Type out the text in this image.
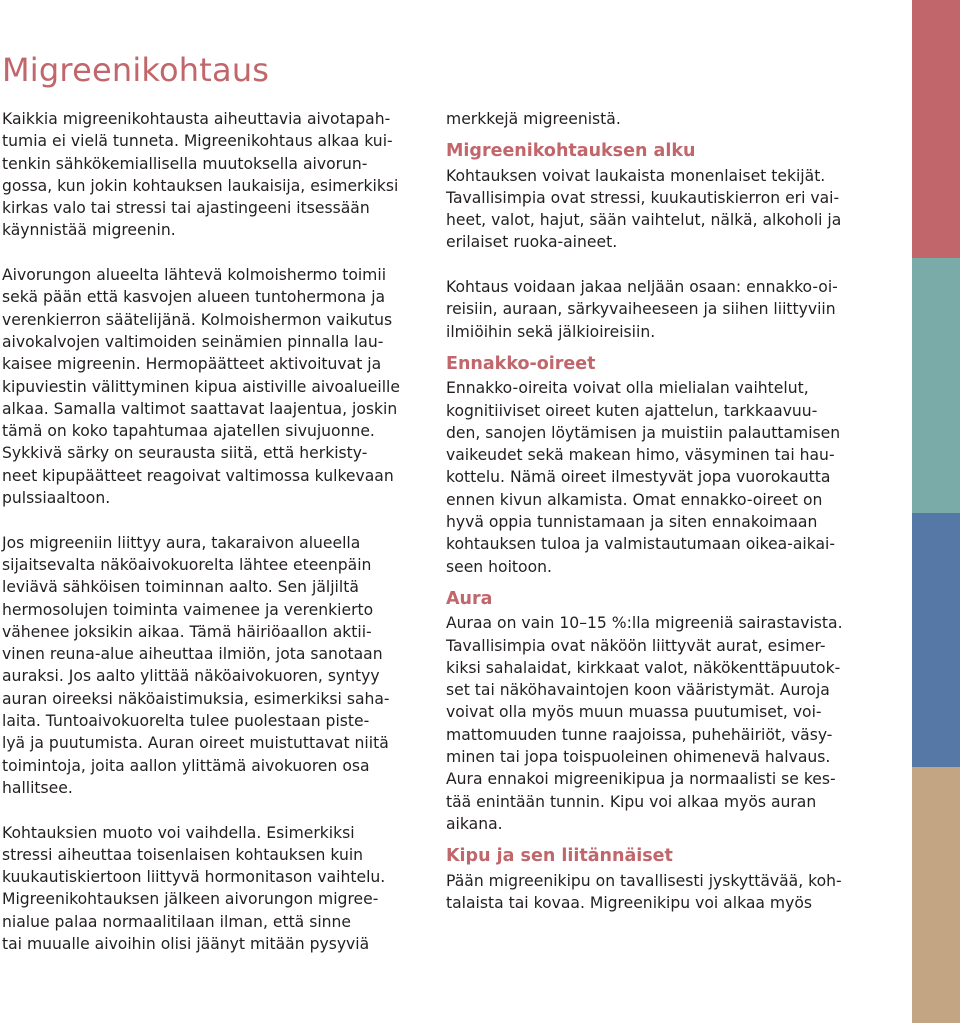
Migreenikohtaus
Kaikkia migreenikohtausta aiheuttavia aivotapah-
tumia ei vielä tunneta. Migreenikohtaus alkaa kui-
tenkin sähkökemiallisella muutoksella aivorun-
gossa, kun jokin kohtauksen laukaisija, esimerkiksi
kirkas valo tai stressi tai ajastingeeni itsessään
käynnistää migreenin.
Aivorungon alueelta lähtevä kolmoishermo toimii
sekä pään että kasvojen alueen tuntohermona ja
verenkierron säätelijänä. Kolmoishermon vaikutus
aivokalvojen valtimoiden seinämien pinnalla lau-
kaisee migreenin. Hermopäätteet aktivoituvat ja
kipuviestin välittyminen kipua aistiville aivoalueille
alkaa. Samalla valtimot saattavat laajentua, joskin
tämä on koko tapahtumaa ajatellen sivujuonne.
Sykkivä särky on seurausta siitä, että herkisty-
neet kipupäätteet reagoivat valtimossa kulkevaan
pulssiaaltoon.
Jos migreeniin liittyy aura, takaraivon alueella
sijaitsevalta näköaivokuorelta lähtee eteenpäin
leviävä sähköisen toiminnan aalto. Sen jäljiltä
hermosolujen toiminta vaimenee ja verenkierto
vähenee joksikin aikaa. Tämä häiriöaallon aktii-
vinen reuna-alue aiheuttaa ilmiön, jota sanotaan
auraksi. Jos aalto ylittää näköaivokuoren, syntyy
auran oireeksi näköaistimuksia, esimerkiksi saha-
laita. Tuntoaivokuorelta tulee puolestaan piste-
lyä ja puutumista. Auran oireet muistuttavat niitä
toimintoja, joita aallon ylittämä aivokuoren osa
hallitsee.
Kohtauksien muoto voi vaihdella. Esimerkiksi
stressi aiheuttaa toisenlaisen kohtauksen kuin
kuukautiskiertoon liittyvä hormonitason vaihtelu.
Migreenikohtauksen jälkeen aivorungon migree-
nialue palaa normaalitilaan ilman, että sinne
tai muualle aivoihin olisi jäänyt mitään pysyviä
merkkejä migreenistä.
Migreenikohtauksen alku
Kohtauksen voivat laukaista monenlaiset tekijät.
Tavallisimpia ovat stressi, kuukautiskierron eri vai-
heet, valot, hajut, sään vaihtelut, nälkä, alkoholi ja
erilaiset ruoka-aineet.
Kohtaus voidaan jakaa neljään osaan: ennakko-oi-
reisiin, auraan, särkyvaiheeseen ja siihen liittyviin
ilmiöihin sekä jälkioireisiin.
Ennakko-oireet
Ennakko-oireita voivat olla mielialan vaihtelut,
kognitiiviset oireet kuten ajattelun, tarkkaavuu-
den, sanojen löytämisen ja muistiin palauttamisen
vaikeudet sekä makean himo, väsyminen tai hau-
kottelu. Nämä oireet ilmestyvät jopa vuorokautta
ennen kivun alkamista. Omat ennakko-oireet on
hyvä oppia tunnistamaan ja siten ennakoimaan
kohtauksen tuloa ja valmistautumaan oikea-aikai-
seen hoitoon.
Aura
Auraa on vain 10–15 %:lla migreeniä sairastavista.
Tavallisimpia ovat näköön liittyvät aurat, esimer-
kiksi sahalaidat, kirkkaat valot, näkökenttäpuutok-
set tai näköhavaintojen koon vääristymät. Auroja
voivat olla myös muun muassa puutumiset, voi-
mattomuuden tunne raajoissa, puhehäiriöt, väsy-
minen tai jopa toispuoleinen ohimenevä halvaus.
Aura ennakoi migreenikipua ja normaalisti se kes-
tää enintään tunnin. Kipu voi alkaa myös auran
aikana.
Kipu ja sen liitännäiset
Pään migreenikipu on tavallisesti jyskyttävää, koh-
talaista tai kovaa. Migreenikipu voi alkaa myös
